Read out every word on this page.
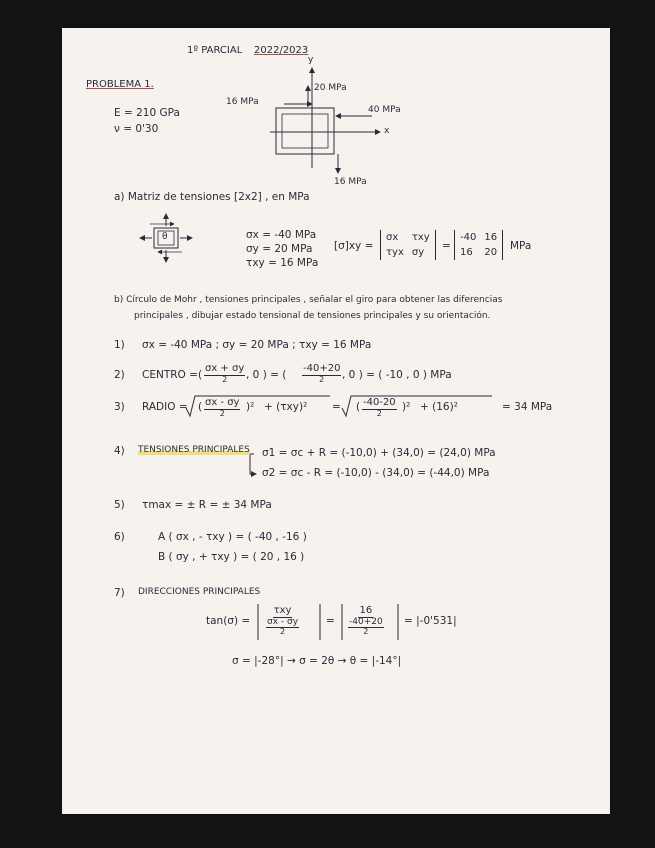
1º PARCIAL 2022/2023
PROBLEMA 1.
E = 210 GPa
ν = 0'30
y
x
20 MPa
16 MPa
40 MPa
16 MPa
a) Matriz de tensiones [2x2] , en MPa
θ	σx = -40 MPa
σy = 20 MPa
τxy = 16 MPa
[σ]xy =
σx	τxy
τyx σy
=
-40 16
16	20
MPa
b) Círculo de Mohr , tensiones principales , señalar el giro para obtener las diferencias
principales , dibujar estado tensional de tensiones principales y su orientación.
1) σx = -40 MPa ; σy = 20 MPa ; τxy = 16 MPa
2) CENTRO = (
σx + σy
2 , 0 ) = (
-40+20
2 , 0 ) = ( -10 , 0 ) MPa
3) RADIO = ( σx - σy
2 )² + (τxy)² = ( -40-20
2 )² + (16)²	= 34 MPa
4) TENSIONES PRINCIPALES σ1 = σc + R = (-10,0) + (34,0) = (24,0) MPa
σ2 = σc - R = (-10,0) - (34,0) = (-44,0) MPa
5) τmax = ± R = ± 34 MPa
6)	A ( σx , - τxy ) = ( -40 , -16 )
B ( σy , + τxy ) = ( 20 , 16 )
7) DIRECCIONES PRINCIPALES
tan(σ) =
τxy
σx - σy
2
=
16
-40+20
2
= |-0'531|
σ = |-28°| → σ = 2θ → θ = |-14°|
